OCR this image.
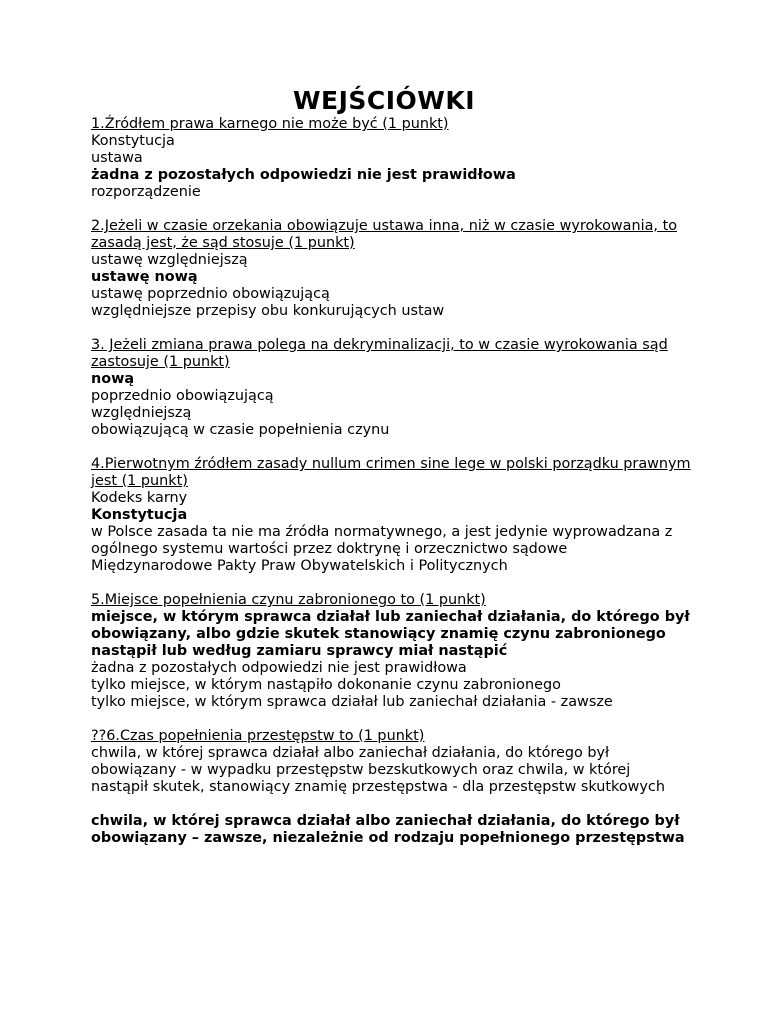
WEJŚCIÓWKI
1.Źródłem prawa karnego nie może być (1 punkt)
Konstytucja
ustawa
żadna z pozostałych odpowiedzi nie jest prawidłowa
rozporządzenie
2.Jeżeli w czasie orzekania obowiązuje ustawa inna, niż w czasie wyrokowania, to zasadą jest, że sąd stosuje (1 punkt)
ustawę względniejszą
ustawę nową
ustawę poprzednio obowiązującą
względniejsze przepisy obu konkurujących ustaw
3. Jeżeli zmiana prawa polega na dekryminalizacji, to w czasie wyrokowania sąd zastosuje (1 punkt)
nową
poprzednio obowiązującą
względniejszą
obowiązującą w czasie popełnienia czynu
4.Pierwotnym źródłem zasady nullum crimen sine lege w polski porządku prawnym jest (1 punkt)
Kodeks karny
Konstytucja
w Polsce zasada ta nie ma źródła normatywnego, a jest jedynie wyprowadzana z ogólnego systemu wartości przez doktrynę i orzecznictwo sądowe
Międzynarodowe Pakty Praw Obywatelskich i Politycznych
5.Miejsce popełnienia czynu zabronionego to (1 punkt)
miejsce, w którym sprawca działał lub zaniechał działania, do którego był obowiązany, albo gdzie skutek stanowiący znamię czynu zabronionego nastąpił lub według zamiaru sprawcy miał nastąpić
żadna z pozostałych odpowiedzi nie jest prawidłowa
tylko miejsce, w którym nastąpiło dokonanie czynu zabronionego
tylko miejsce, w którym sprawca działał lub zaniechał działania - zawsze
??6.Czas popełnienia przestępstw to (1 punkt)
chwila, w której sprawca działał albo zaniechał działania, do którego był obowiązany - w wypadku przestępstw bezskutkowych oraz chwila, w której nastąpił skutek, stanowiący znamię przestępstwa - dla przestępstw skutkowych
chwila, w której sprawca działał albo zaniechał działania, do którego był obowiązany – zawsze, niezależnie od rodzaju popełnionego przestępstwa
